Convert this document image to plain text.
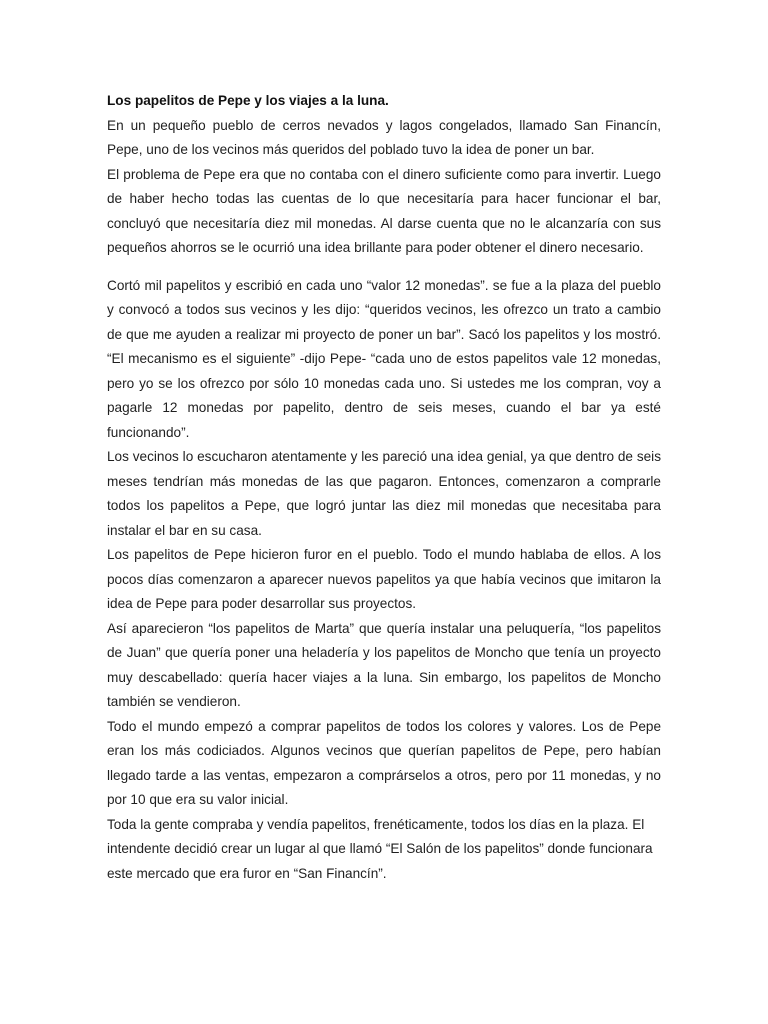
Los papelitos de Pepe y los viajes a la luna.

En un pequeño pueblo de cerros nevados y lagos congelados, llamado San Financín, Pepe, uno de los vecinos más queridos del poblado tuvo la idea de poner un bar.

El problema de Pepe era que no contaba con el dinero suficiente como para invertir. Luego de haber hecho todas las cuentas de lo que necesitaría para hacer funcionar el bar, concluyó que necesitaría diez mil monedas. Al darse cuenta que no le alcanzaría con sus pequeños ahorros se le ocurrió una idea brillante para poder obtener el dinero necesario.

Cortó mil papelitos y escribió en cada uno “valor 12 monedas”. se fue a la plaza del pueblo y convocó a todos sus vecinos y les dijo: “queridos vecinos, les ofrezco un trato a cambio de que me ayuden a realizar mi proyecto de poner un bar”. Sacó los papelitos y los mostró. “El mecanismo es el siguiente” -dijo Pepe- “cada uno de estos papelitos vale 12 monedas, pero yo se los ofrezco por sólo 10 monedas cada uno. Si ustedes me los compran, voy a pagarle 12 monedas por papelito, dentro de seis meses, cuando el bar ya esté funcionando”.

Los vecinos lo escucharon atentamente y les pareció una idea genial, ya que dentro de seis meses tendrían más monedas de las que pagaron. Entonces, comenzaron a comprarle todos los papelitos a Pepe, que logró juntar las diez mil monedas que necesitaba para instalar el bar en su casa.

Los papelitos de Pepe hicieron furor en el pueblo. Todo el mundo hablaba de ellos. A los pocos días comenzaron a aparecer nuevos papelitos ya que había vecinos que imitaron la idea de Pepe para poder desarrollar sus proyectos.

Así aparecieron “los papelitos de Marta” que quería instalar una peluquería, “los papelitos de Juan” que quería poner una heladería y los papelitos de Moncho que tenía un proyecto muy descabellado: quería hacer viajes a la luna. Sin embargo, los papelitos de Moncho también se vendieron.

Todo el mundo empezó a comprar papelitos de todos los colores y valores. Los de Pepe eran los más codiciados. Algunos vecinos que querían papelitos de Pepe, pero habían llegado tarde a las ventas, empezaron a comprárselos a otros, pero por 11 monedas, y no por 10 que era su valor inicial.

Toda la gente compraba y vendía papelitos, frenéticamente, todos los días en la plaza. El intendente decidió crear un lugar al que llamó “El Salón de los papelitos” donde funcionara este mercado que era furor en “San Financín”.
